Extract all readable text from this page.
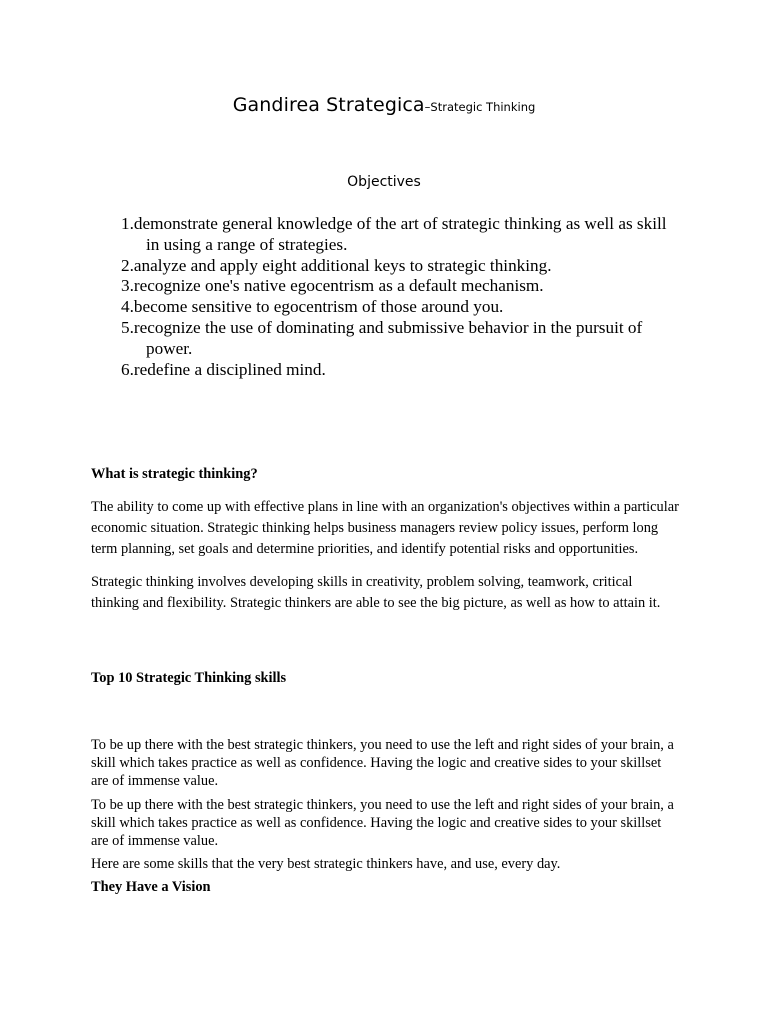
Gandirea Strategica–Strategic Thinking
Objectives
1.demonstrate general knowledge of the art of strategic thinking as well as skill in using a range of strategies.
2.analyze and apply eight additional keys to strategic thinking.
3.recognize one's native egocentrism as a default mechanism.
4.become sensitive to egocentrism of those around you.
5.recognize the use of dominating and submissive behavior in the pursuit of power.
6.redefine a disciplined mind.

What is strategic thinking?

The ability to come up with effective plans in line with an organization's objectives within a particular economic situation. Strategic thinking helps business managers review policy issues, perform long term planning, set goals and determine priorities, and identify potential risks and opportunities.

Strategic thinking involves developing skills in creativity, problem solving, teamwork, critical thinking and flexibility. Strategic thinkers are able to see the big picture, as well as how to attain it.

Top 10 Strategic Thinking skills

To be up there with the best strategic thinkers, you need to use the left and right sides of your brain, a skill which takes practice as well as confidence. Having the logic and creative sides to your skillset are of immense value.

To be up there with the best strategic thinkers, you need to use the left and right sides of your brain, a skill which takes practice as well as confidence. Having the logic and creative sides to your skillset are of immense value.

Here are some skills that the very best strategic thinkers have, and use, every day.

They Have a Vision
